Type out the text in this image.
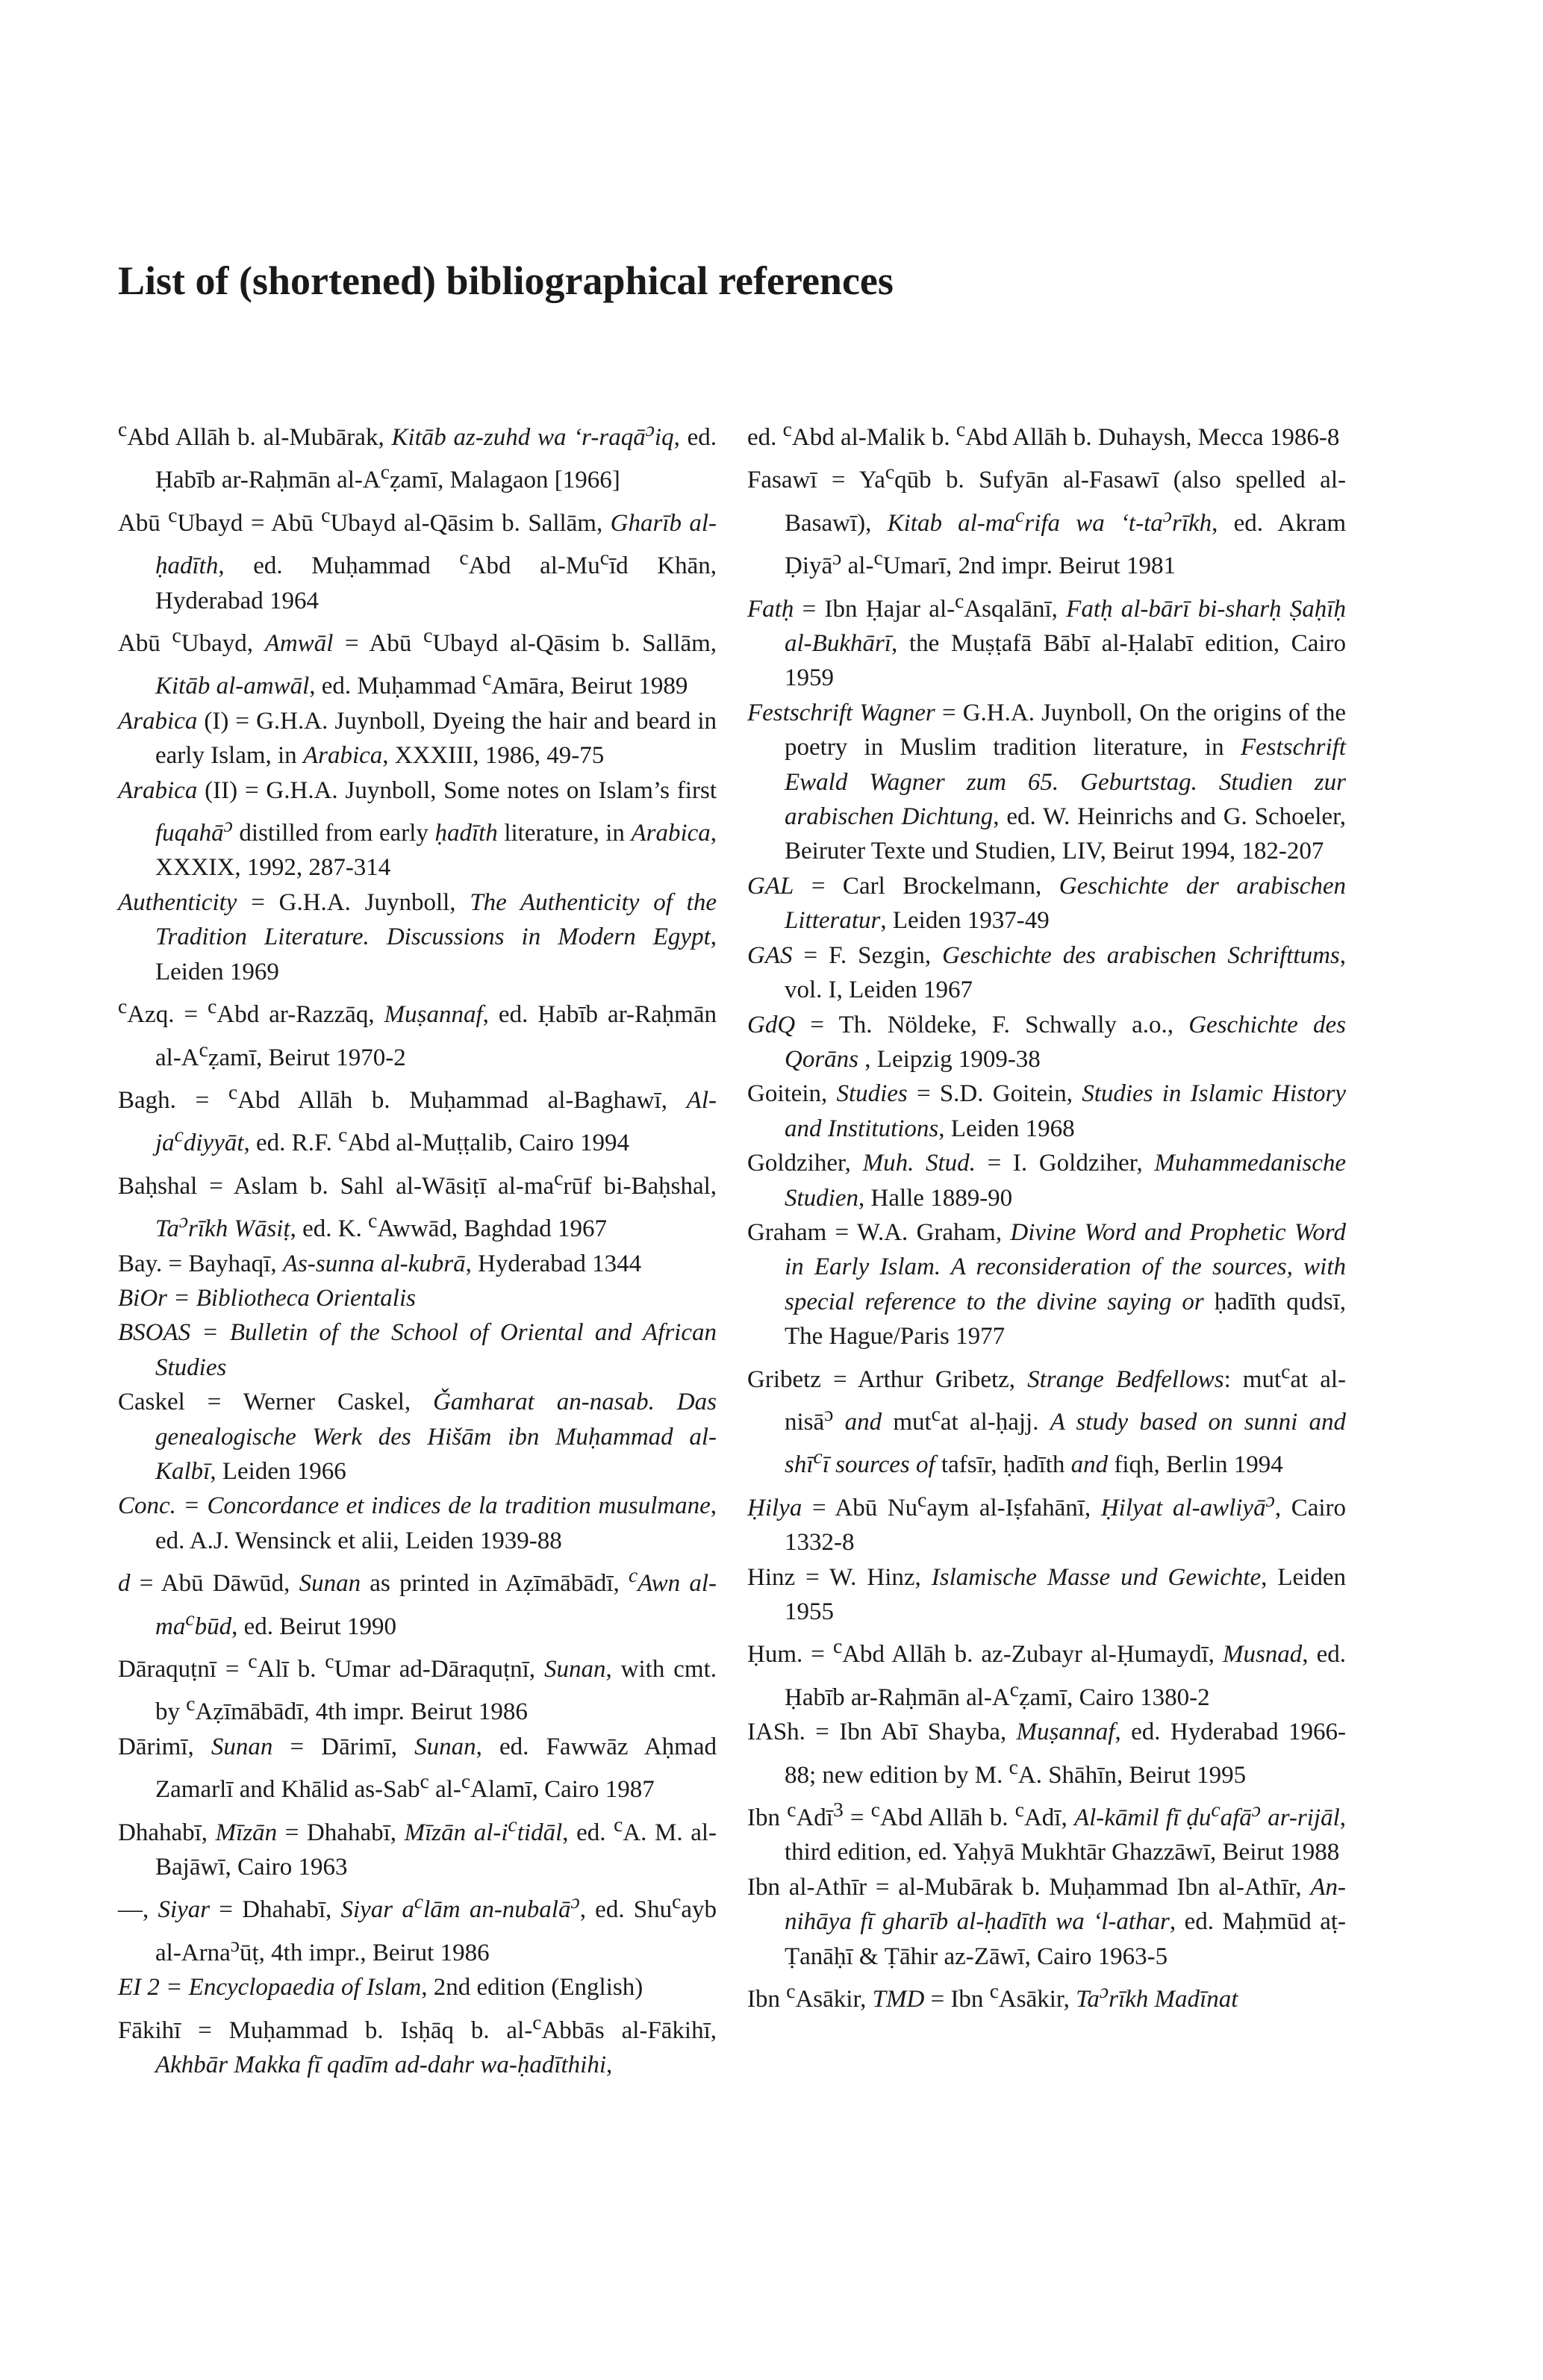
List of (shortened) bibliographical references

$^c$Abd Allāh b. al-Mubārak, Kitāb az-zuhd wa ‘r-raqā$^ɔ$iq, ed. Ḥabīb ar-Raḥmān $al-A^cẓamī$, Malagaon [1966]

Abū $^c$Ubayd = Abū $^c$Ubayd al-Qāsim b. Sallām, Gharīb al-ḥadīth, ed. Muḥammad $^c$Abd al-Mu$^c$īd Khān, Hyderabad 1964

Abū $^c$Ubayd, Amwāl = Abū $^c$Ubayd al-Qāsim b. Sallām, Kitāb al-amwāl, ed. Muḥammad $^c$Amāra, Beirut 1989

Arabica (I) = G.H.A. Juynboll, Dyeing the hair and beard in early Islam, in Arabica, XXXIII, 1986, 49-75

Arabica (II) = G.H.A. Juynboll, Some notes on Islam’s first fuqahā$^ɔ$ distilled from early ḥadīth literature, in Arabica, XXXIX, 1992, 287-314

Authenticity = G.H.A. Juynboll, The Authenticity of the Tradition Literature. Discussions in Modern Egypt, Leiden 1969

$^c$Azq. = $^c$Abd ar-Razzāq, Muṣannaf, ed. Ḥabīb ar-Raḥmān $al-A^cẓamī$, Beirut 1970-2

Bagh. = $^c$Abd Allāh b. Muḥammad al-Baghawī, $Al-ja^cdiyyāt$, ed. R.F. $^c$Abd al-Muṭṭalib, Cairo 1994

Baḥshal = Aslam b. Sahl al-Wāsiṭī $al-ma^crūf$ bi-Baḥshal, $Ta^ɔrīkh$ Wāsiṭ, ed. K. $^c$Awwād, Baghdad 1967

Bay. = Bayhaqī, As-sunna al-kubrā, Hyderabad 1344

BiOr = Bibliotheca Orientalis

BSOAS = Bulletin of the School of Oriental and African Studies

Caskel = Werner Caskel, Ǧamharat an-nasab. Das genealogische Werk des Hišām ibn Muḥammad al-Kalbī, Leiden 1966

Conc. = Concordance et indices de la tradition musulmane, ed. A.J. Wensinck et alii, Leiden 1939-88

d = Abū Dāwūd, Sunan as printed in Aẓīmābādī, $^c$Awn $al-ma^cbūd$, ed. Beirut 1990

Dāraquṭnī = $^c$Alī b. $^c$Umar ad-Dāraquṭnī, Sunan, with cmt. by $^c$Aẓīmābādī, 4th impr. Beirut 1986

Dārimī, Sunan = Dārimī, Sunan, ed. Fawwāz Aḥmad Zamarlī and Khālid as-Sab$^c$ al-$^c$Alamī, Cairo 1987

Dhahabī, Mīzān = Dhahabī, Mīzān $al-i^ctidāl$, ed. $^c$A. M. al-Bajāwī, Cairo 1963

—, Siyar = Dhahabī, Siyar $a^clām$ an-nubalā$^ɔ$, ed. Shu$^c$ayb al-Arna$^ɔ$ūṭ, 4th impr., Beirut 1986

EI 2 = Encyclopaedia of Islam, 2nd edition (English)

Fākihī = Muḥammad b. Isḥāq b. al-$^c$Abbās al-Fākihī, Akhbār Makka fī qadīm ad-dahr wa-ḥadīthihi,

ed. $^c$Abd al-Malik b. $^c$Abd Allāh b. Duhaysh, Mecca 1986-8

Fasawī = $Ya^cqūb$ b. Sufyān al-Fasawī (also spelled al-Basawī), Kitab $al-ma^crifa$ wa ‘$t-ta^ɔrīkh$, ed. Akram Ḍiyā$^ɔ$ al-$^c$Umarī, 2nd impr. Beirut 1981

Fatḥ = Ibn Ḥajar al-$^c$Asqalānī, Fatḥ al-bārī bi-sharḥ Ṣaḥīḥ al-Bukhārī, the Muṣṭafā Bābī al-Ḥalabī edition, Cairo 1959

Festschrift Wagner = G.H.A. Juynboll, On the origins of the poetry in Muslim tradition literature, in Festschrift Ewald Wagner zum 65. Geburtstag. Studien zur arabischen Dichtung, ed. W. Heinrichs and G. Schoeler, Beiruter Texte und Studien, LIV, Beirut 1994, 182-207

GAL = Carl Brockelmann, Geschichte der arabischen Litteratur, Leiden 1937-49

GAS = F. Sezgin, Geschichte des arabischen Schrifttums, vol. I, Leiden 1967

GdQ = Th. Nöldeke, F. Schwally a.o., Geschichte des Qorāns , Leipzig 1909-38

Goitein, Studies = S.D. Goitein, Studies in Islamic History and Institutions, Leiden 1968

Goldziher, Muh. Stud. = I. Goldziher, Muhammedanische Studien, Halle 1889-90

Graham = W.A. Graham, Divine Word and Prophetic Word in Early Islam. A reconsideration of the sources, with special reference to the divine saying or ḥadīth qudsī, The Hague/Paris 1977

Gribetz = Arthur Gribetz, Strange Bedfellows: mut$^c$at al-nisā$^ɔ$ and mut$^c$at al-ḥajj. A study based on sunni and shī$^c$ī sources of tafsīr, ḥadīth and fiqh, Berlin 1994

Ḥilya = Abū Nu$^c$aym al-Iṣfahānī, Ḥilyat al-awliyā$^ɔ$, Cairo 1332-8

Hinz = W. Hinz, Islamische Masse und Gewichte, Leiden 1955

Ḥum. = $^c$Abd Allāh b. az-Zubayr al-Ḥumaydī, Musnad, ed. Ḥabīb ar-Raḥmān $al-A^cẓamī$, Cairo 1380-2

IASh. = Ibn Abī Shayba, Muṣannaf, ed. Hyderabad 1966-88; new edition by M. $^c$A. Shāhīn, Beirut 1995

Ibn $^c$Adī$^3$ = $^c$Abd Allāh b. $^c$Adī, Al-kāmil fī ḍu$^c$afā$^ɔ$ ar-rijāl, third edition, ed. Yaḥyā Mukhtār Ghazzāwī, Beirut 1988

Ibn al-Athīr = al-Mubārak b. Muḥammad Ibn al-Athīr, An-nihāya fī gharīb al-ḥadīth wa ‘l-athar, ed. Maḥmūd aṭ-Ṭanāḥī & Ṭāhir az-Zāwī, Cairo 1963-5

Ibn $^c$Asākir, TMD = Ibn $^c$Asākir, $Ta^ɔrīkh$ Madīnat
